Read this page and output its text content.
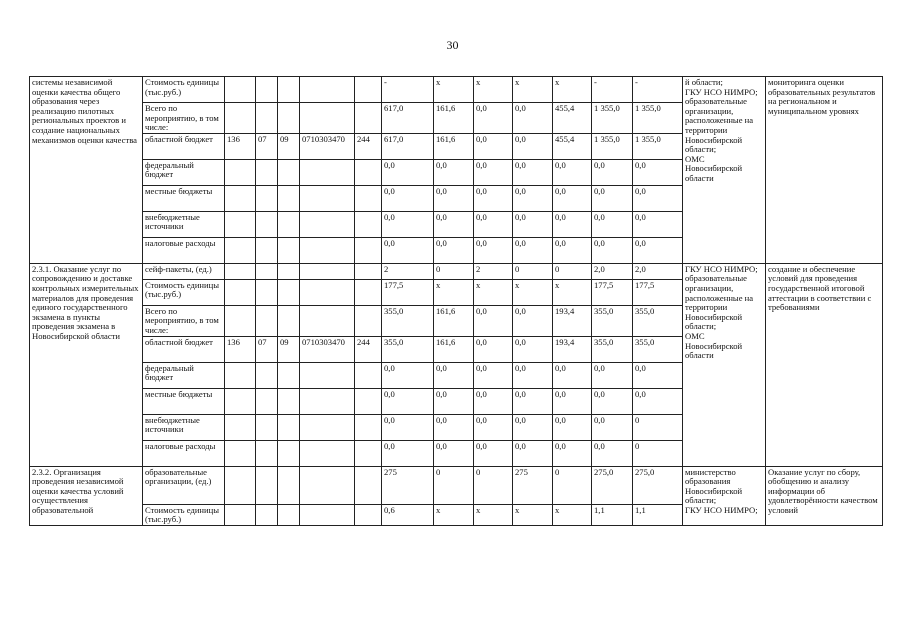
30
системы независимой оценки качества общего образования через реализацию пилотных региональных проектов и создание национальных механизмов оценки качества	Стоимость единицы (тыс.руб.)						-	x	x	x	x	-	-	й области;
ГКУ НСО НИМРО;
образовательные организации, расположенные на территории Новосибирской области;
ОМС Новосибирской области	мониторинга оценки образовательных результатов на региональном и муниципальном уровнях
	Всего по мероприятию, в том числе:						617,0	161,6	0,0	0,0	455,4	1 355,0	1 355,0		
	областной бюджет	136	07	09	0710303470	244	617,0	161,6	0,0	0,0	455,4	1 355,0	1 355,0		
	федеральный бюджет						0,0	0,0	0,0	0,0	0,0	0,0	0,0		
	местные бюджеты						0,0	0,0	0,0	0,0	0,0	0,0	0,0		
	внебюджетные источники						0,0	0,0	0,0	0,0	0,0	0,0	0,0		
	налоговые расходы						0,0	0,0	0,0	0,0	0,0	0,0	0,0		
2.3.1. Оказание услуг по сопровождению и доставке контрольных измерительных материалов для проведения единого государственного экзамена в пункты проведения экзамена в Новосибирской области	сейф-пакеты, (ед.)						2	0	2	0	0	2,0	2,0	ГКУ НСО НИМРО;
образовательные организации, расположенные на территории Новосибирской области;
ОМС Новосибирской области	создание и обеспечение условий для проведения государственной итоговой аттестации в соответствии с требованиями
	Стоимость единицы (тыс.руб.)						177,5	x	x	x	x	177,5	177,5		
	Всего по мероприятию, в том числе:						355,0	161,6	0,0	0,0	193,4	355,0	355,0		
	областной бюджет	136	07	09	0710303470	244	355,0	161,6	0,0	0,0	193,4	355,0	355,0		
	федеральный бюджет						0,0	0,0	0,0	0,0	0,0	0,0	0,0		
	местные бюджеты						0,0	0,0	0,0	0,0	0,0	0,0	0,0		
	внебюджетные источники						0,0	0,0	0,0	0,0	0,0	0,0	0		
	налоговые расходы						0,0	0,0	0,0	0,0	0,0	0,0	0		
2.3.2. Организация проведения независимой оценки качества условий осуществления образовательной	образовательные организации, (ед.)						275	0	0	275	0	275,0	275,0	министерство образования Новосибирской области;
ГКУ НСО НИМРО;	Оказание услуг по сбору, обобщению и анализу информации об удовлетворённости качеством условий
	Стоимость единицы (тыс.руб.)						0,6	x	x	x	x	1,1	1,1		
